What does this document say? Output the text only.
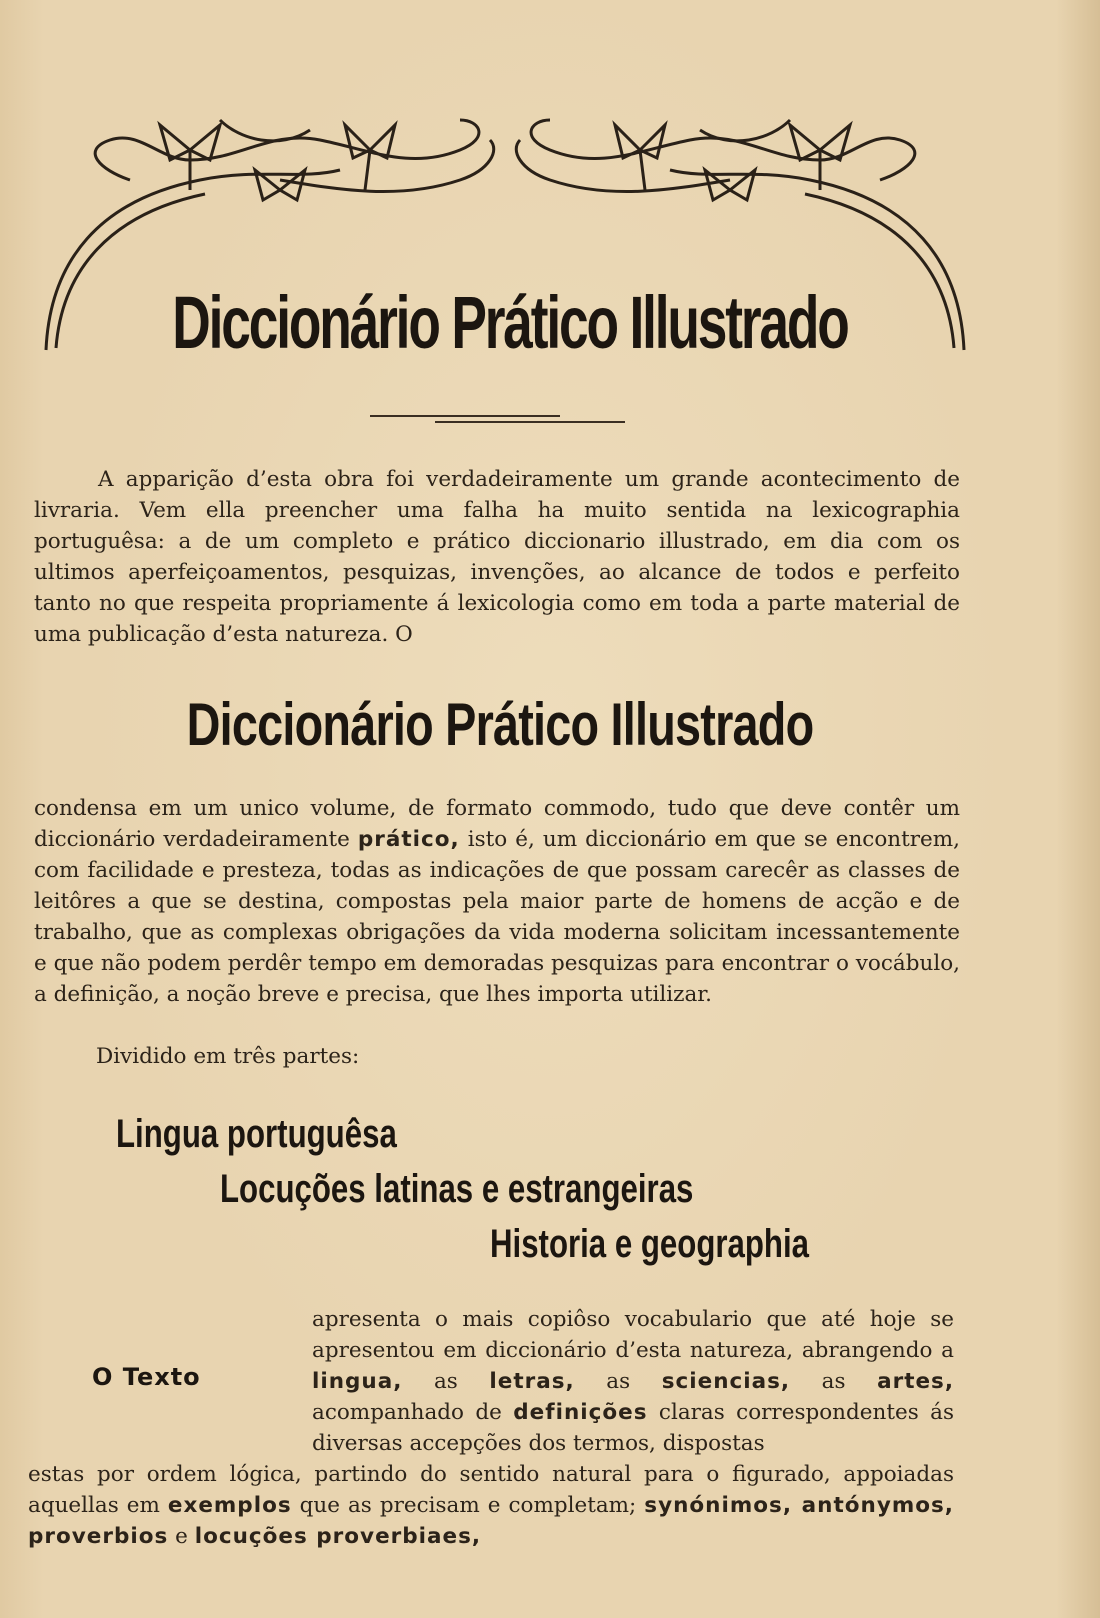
Diccionário Prático Illustrado
A apparição d’esta obra foi verdadeiramente um grande acontecimento de livraria. Vem ella preencher uma falha ha muito sentida na lexicographia portuguêsa: a de um completo e prático diccionario illustrado, em dia com os ultimos aperfeiçoamentos, pesquizas, invenções, ao alcance de todos e perfeito tanto no que respeita propriamente á lexicologia como em toda a parte material de uma publicação d’esta natureza. O
Diccionário Prático Illustrado
condensa em um unico volume, de formato commodo, tudo que deve contêr um diccionário verdadeiramente prático, isto é, um diccionário em que se encontrem, com facilidade e presteza, todas as indicações de que possam carecêr as classes de leitôres a que se destina, compostas pela maior parte de homens de acção e de trabalho, que as complexas obrigações da vida moderna solicitam incessantemente e que não podem perdêr tempo em demoradas pesquizas para encontrar o vocábulo, a definição, a noção breve e precisa, que lhes importa utilizar.
Dividido em três partes:
Lingua portuguêsa
Locuções latinas e estrangeiras
Historia e geographia
O Texto
apresenta o mais copiôso vocabulario que até hoje se apresentou em diccionário d’esta natureza, abrangendo a lingua, as letras, as sciencias, as artes, acompanhado de definições claras correspondentes ás diversas accepções dos termos, dispostas
estas por ordem lógica, partindo do sentido natural para o figurado, appoiadas aquellas em exemplos que as precisam e completam; synónimos, antónymos, proverbios e locuções proverbiaes,
